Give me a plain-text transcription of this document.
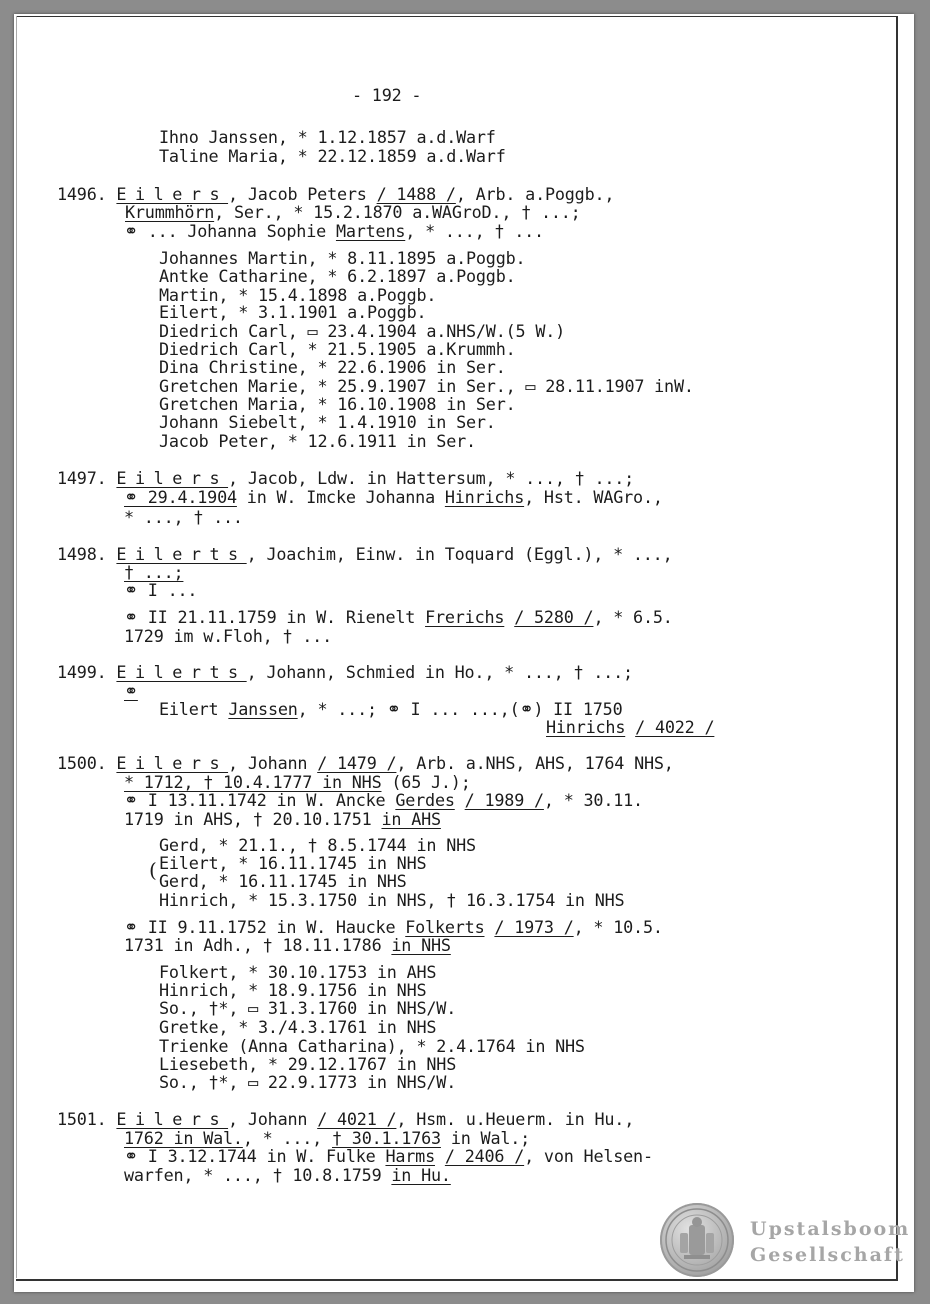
- 192 -
Ihno Janssen, * 1.12.1857 a.d.Warf
Taline Maria, * 22.12.1859 a.d.Warf
1496. Eilers, Jacob Peters / 1488 /, Arb. a.Poggb.,
Krummhörn, Ser., * 15.2.1870 a.WAGroD., † ...;
⚭ ... Johanna Sophie Martens, * ..., † ...
Johannes Martin, * 8.11.1895 a.Poggb.
Antke Catharine, * 6.2.1897 a.Poggb.
Martin, * 15.4.1898 a.Poggb.
Eilert, * 3.1.1901 a.Poggb.
Diedrich Carl, ▭ 23.4.1904 a.NHS/W.(5 W.)
Diedrich Carl, * 21.5.1905 a.Krummh.
Dina Christine, * 22.6.1906 in Ser.
Gretchen Marie, * 25.9.1907 in Ser., ▭ 28.11.1907 inW.
Gretchen Maria, * 16.10.1908 in Ser.
Johann Siebelt, * 1.4.1910 in Ser.
Jacob Peter, * 12.6.1911 in Ser.
1497. Eilers, Jacob, Ldw. in Hattersum, * ..., † ...;
⚭ 29.4.1904 in W. Imcke Johanna Hinrichs, Hst. WAGro.,
* ..., † ...
1498. Eilerts, Joachim, Einw. in Toquard (Eggl.), * ...,
† ...;
⚭ I ...
⚭ II 21.11.1759 in W. Rienelt Frerichs / 5280 /, * 6.5.
1729 im w.Floh, † ...
1499. Eilerts, Johann, Schmied in Ho., * ..., † ...;
⚭
Eilert Janssen, * ...; ⚭ I ... ...,(⚭) II 1750
Hinrichs / 4022 /
1500. Eilers, Johann / 1479 /, Arb. a.NHS, AHS, 1764 NHS,
* 1712, † 10.4.1777 in NHS (65 J.);
⚭ I 13.11.1742 in W. Ancke Gerdes / 1989 /, * 30.11.
1719 in AHS, † 20.10.1751 in AHS
Gerd, * 21.1., † 8.5.1744 in NHS
Eilert, * 16.11.1745 in NHS
Gerd, * 16.11.1745 in NHS
Hinrich, * 15.3.1750 in NHS, † 16.3.1754 in NHS
⚭ II 9.11.1752 in W. Haucke Folkerts / 1973 /, * 10.5.
1731 in Adh., † 18.11.1786 in NHS
Folkert, * 30.10.1753 in AHS
Hinrich, * 18.9.1756 in NHS
So., †*, ▭ 31.3.1760 in NHS/W.
Gretke, * 3./4.3.1761 in NHS
Trienke (Anna Catharina), * 2.4.1764 in NHS
Liesebeth, * 29.12.1767 in NHS
So., †*, ▭ 22.9.1773 in NHS/W.
1501. Eilers, Johann / 4021 /, Hsm. u.Heuerm. in Hu.,
1762 in Wal., * ..., † 30.1.1763 in Wal.;
⚭ I 3.12.1744 in W. Fulke Harms / 2406 /, von Helsen-
warfen, * ..., † 10.8.1759 in Hu.
(
Upstalsboom
Gesellschaft
